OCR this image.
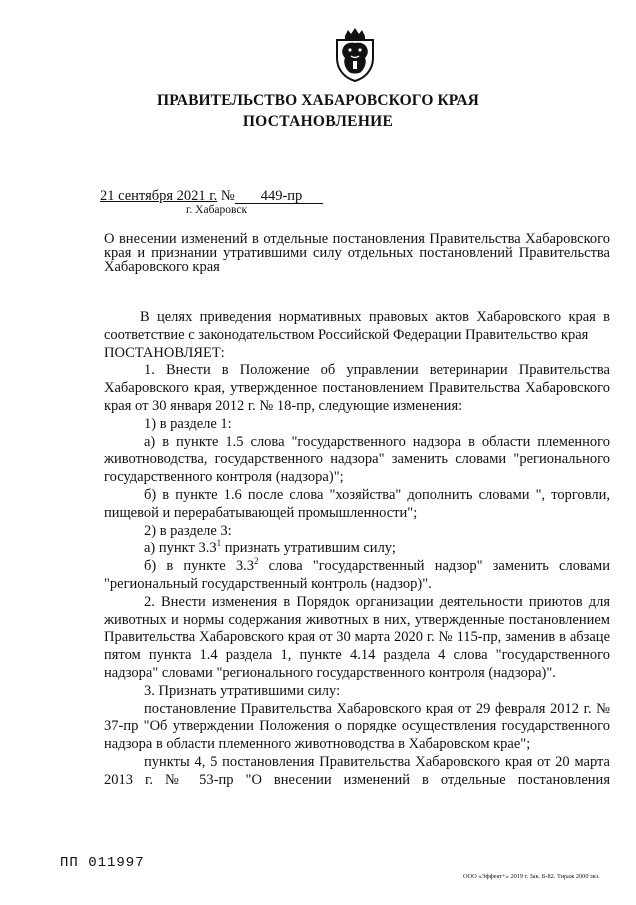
ПРАВИТЕЛЬСТВО ХАБАРОВСКОГО КРАЯ
ПОСТАНОВЛЕНИЕ
21 сентября 2021 г. № 449-пр
г. Хабаровск
О внесении изменений в отдельные постановления Правительства Хабаровского края и признании утратившими силу отдельных постановлений Правительства Хабаровского края

В целях приведения нормативных правовых актов Хабаровского края в соответствие с законодательством Российской Федерации Правительство края

ПОСТАНОВЛЯЕТ:

1. Внести в Положение об управлении ветеринарии Правительства Хабаровского края, утвержденное постановлением Правительства Хабаровского края от 30 января 2012 г. № 18-пр, следующие изменения:

1) в разделе 1:

а) в пункте 1.5 слова "государственного надзора в области племенного животноводства, государственного надзора" заменить словами "регионального государственного контроля (надзора)";

б) в пункте 1.6 после слова "хозяйства" дополнить словами ", торговли, пищевой и перерабатывающей промышленности";

2) в разделе 3:

а) пункт $3.3^1$ признать утратившим силу;

б) в пункте $3.3^2$ слова "государственный надзор" заменить словами "региональный государственный контроль (надзор)".

2. Внести изменения в Порядок организации деятельности приютов для животных и нормы содержания животных в них, утвержденные постановлением Правительства Хабаровского края от 30 марта 2020 г. № 115-пр, заменив в абзаце пятом пункта 1.4 раздела 1, пункте 4.14 раздела 4 слова "государственного надзора" словами "регионального государственного контроля (надзора)".

3. Признать утратившими силу:

постановление Правительства Хабаровского края от 29 февраля 2012 г. № 37-пр "Об утверждении Положения о порядке осуществления государственного надзора в области племенного животноводства в Хабаровском крае";

пункты 4, 5 постановления Правительства Хабаровского края от 20 марта 2013 г. № 53-пр "О внесении изменений в отдельные постановления

ПП 011997
ООО «Эффект+» 2019 г. Зак. Б-82. Тираж 2000 экз.
